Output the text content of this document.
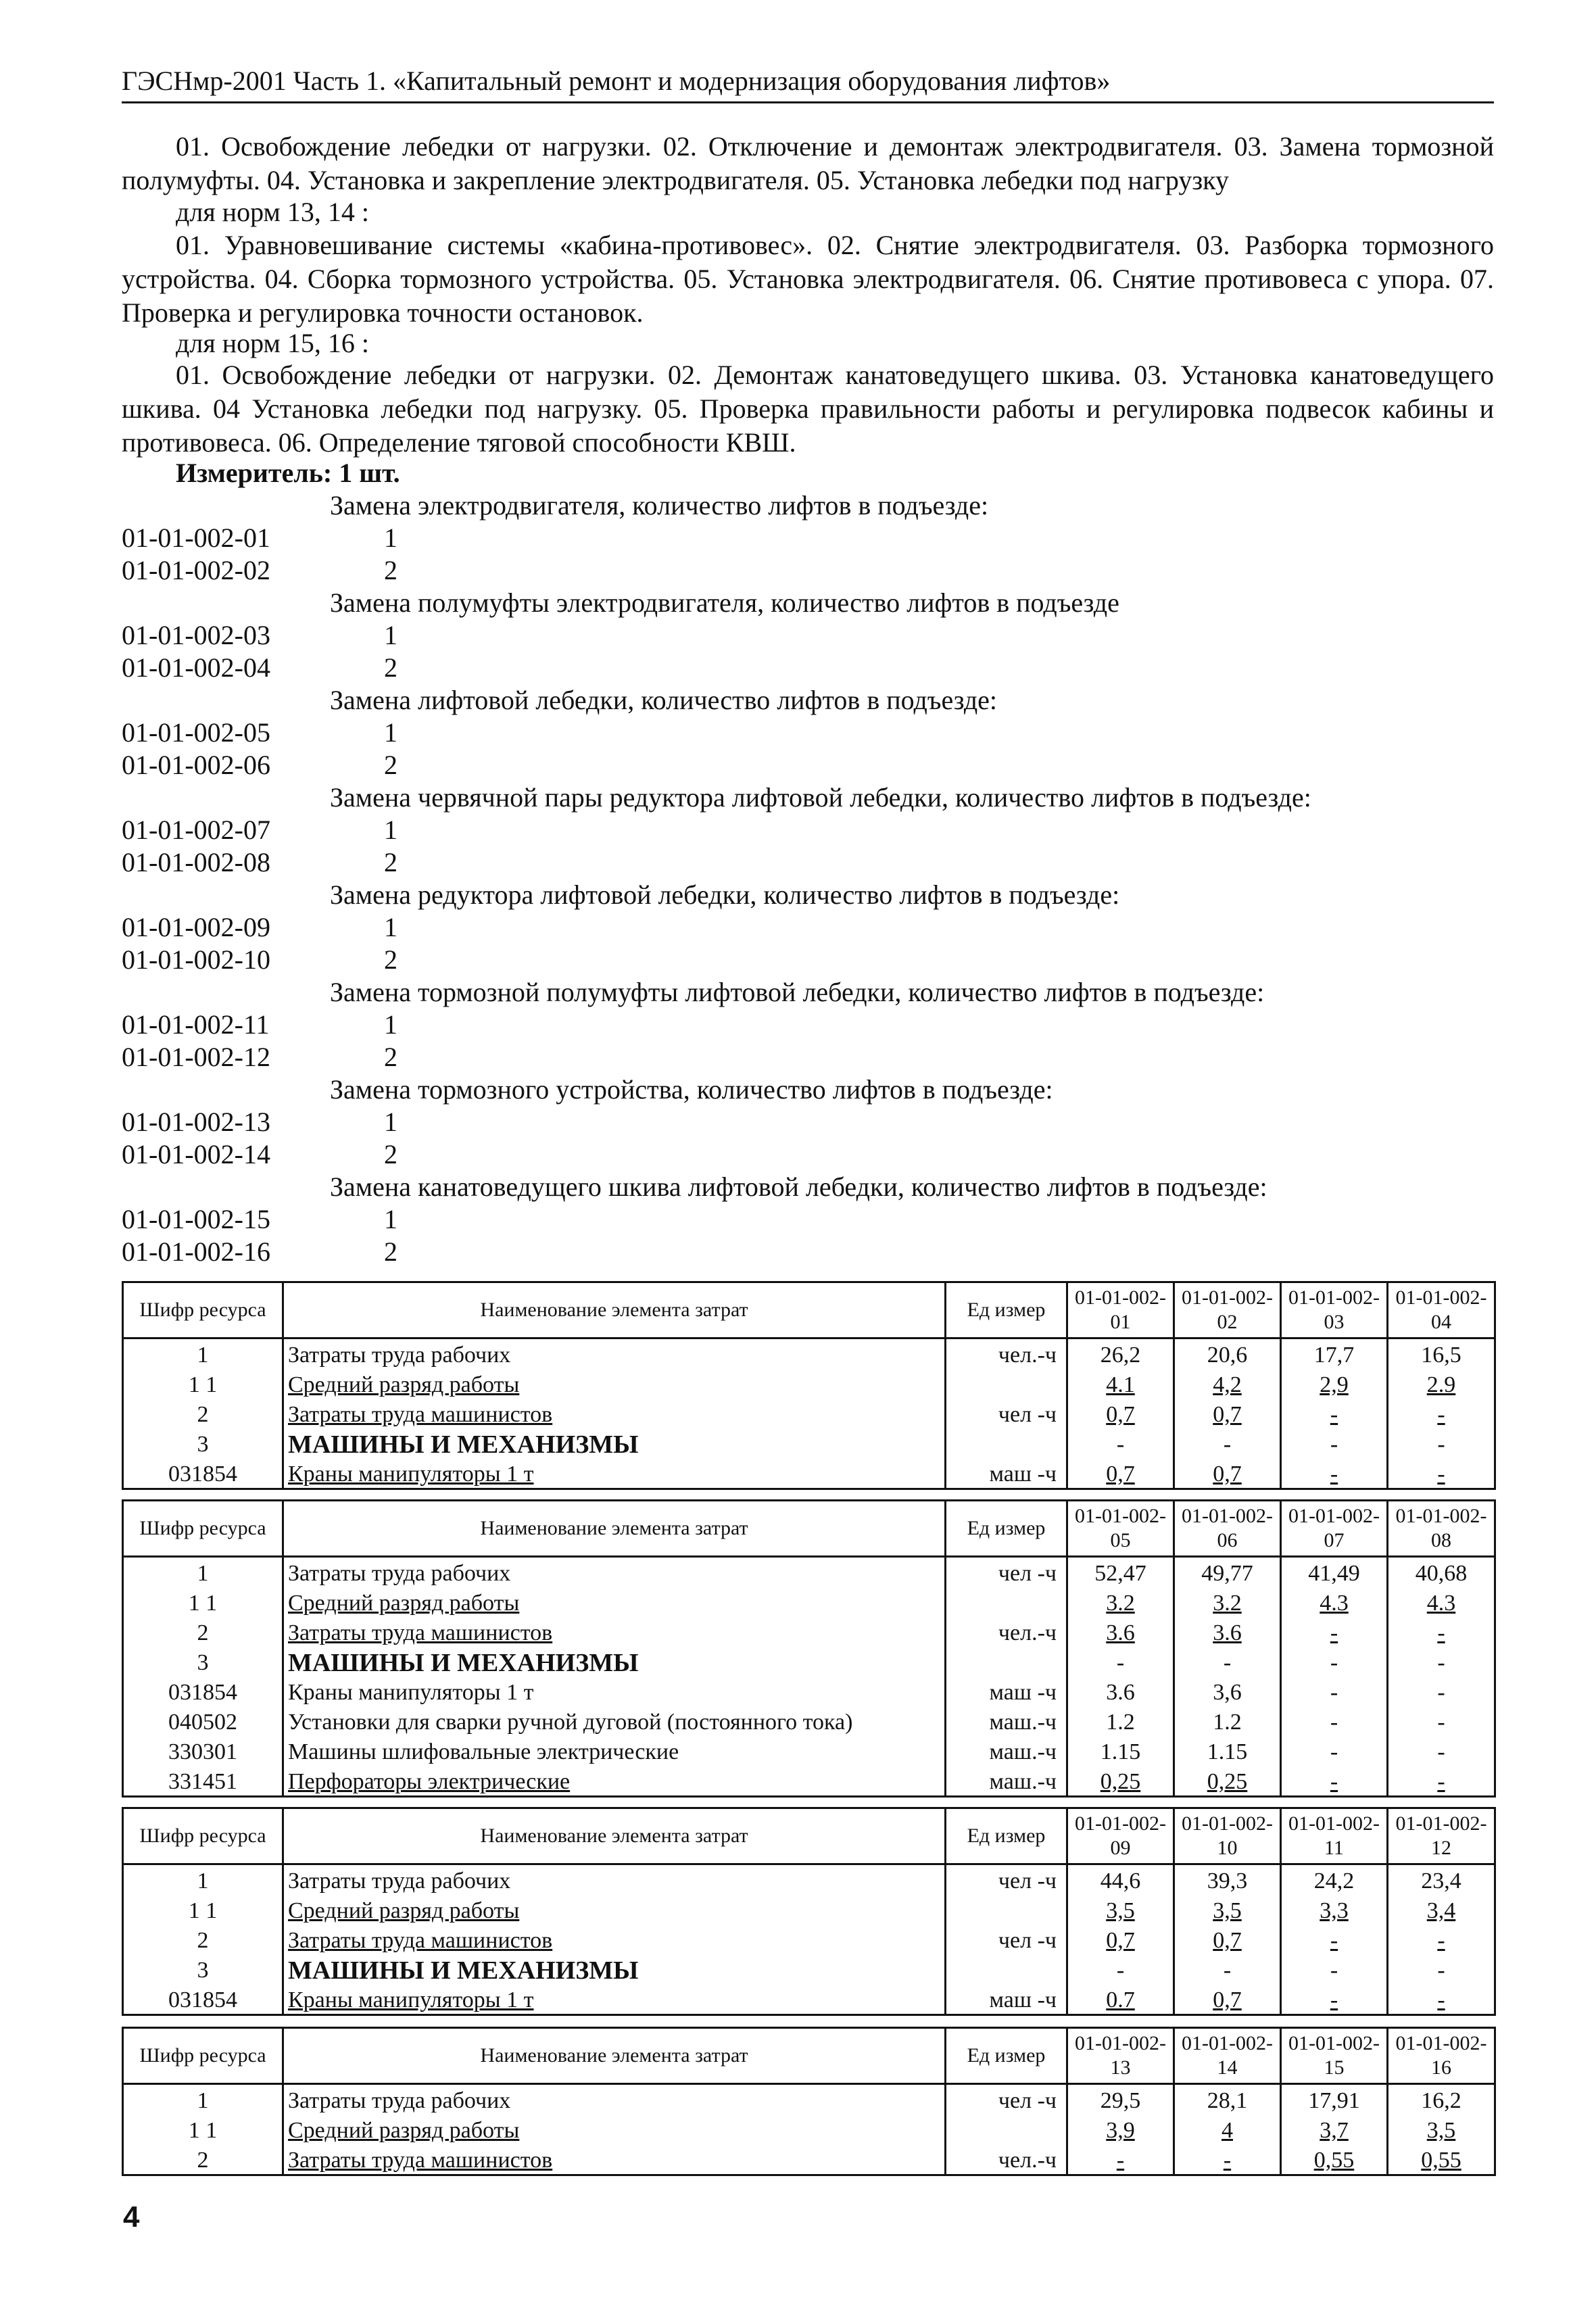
ГЭСНмр-2001 Часть 1. «Капитальный ремонт и модернизация оборудования лифтов»
01. Освобождение лебедки от нагрузки. 02. Отключение и демонтаж электродвигателя. 03. Замена тормозной полумуфты. 04. Установка и закрепление электродвигателя. 05. Установка лебедки под нагрузку
для норм 13, 14 :
01. Уравновешивание системы «кабина-противовес». 02. Снятие электродвигателя. 03. Разборка тормозного устройства. 04. Сборка тормозного устройства. 05. Установка электродвигателя. 06. Снятие противовеса с упора. 07. Проверка и регулировка точности остановок.
для норм 15, 16 :
01. Освобождение лебедки от нагрузки. 02. Демонтаж канатоведущего шкива. 03. Установка канатоведущего шкива. 04 Установка лебедки под нагрузку. 05. Проверка правильности работы и регулировка подвесок кабины и противовеса. 06. Определение тяговой способности КВШ.
Измеритель: 1 шт.
Замена электродвигателя, количество лифтов в подъезде:
01-01-002-01	1
01-01-002-02	2
Замена полумуфты электродвигателя, количество лифтов в подъезде
01-01-002-03	1
01-01-002-04	2
Замена лифтовой лебедки, количество лифтов в подъезде:
01-01-002-05	1
01-01-002-06	2
Замена червячной пары редуктора лифтовой лебедки, количество лифтов в подъезде:
01-01-002-07	1
01-01-002-08	2
Замена редуктора лифтовой лебедки, количество лифтов в подъезде:
01-01-002-09	1
01-01-002-10	2
Замена тормозной полумуфты лифтовой лебедки, количество лифтов в подъезде:
01-01-002-11	1
01-01-002-12	2
Замена тормозного устройства, количество лифтов в подъезде:
01-01-002-13	1
01-01-002-14	2
Замена канатоведущего шкива лифтовой лебедки, количество лифтов в подъезде:
01-01-002-15	1
01-01-002-16	2
Шифр ресурса	Наименование элемента затрат	Ед измер	01-01-002-01	01-01-002-02	01-01-002-03	01-01-002-04
1	Затраты труда рабочих	чел.-ч	26,2	20,6	17,7	16,5
1 1	Средний разряд работы		4.1	4,2	2,9	2.9
2	Затраты труда машинистов	чел -ч	0,7	0,7	-	-
3	МАШИНЫ И МЕХАНИЗМЫ		-	-	-	-
031854	Краны манипуляторы 1 т	маш -ч	0,7	0,7	-	-
Шифр ресурса	Наименование элемента затрат	Ед измер	01-01-002-05	01-01-002-06	01-01-002-07	01-01-002-08
1	Затраты труда рабочих	чел -ч	52,47	49,77	41,49	40,68
1 1	Средний разряд работы		3.2	3.2	4.3	4.3
2	Затраты труда машинистов	чел.-ч	3.6	3.6	-	-
3	МАШИНЫ И МЕХАНИЗМЫ		-	-	-	-
031854	Краны манипуляторы 1 т	маш -ч	3.6	3,6	-	-
040502	Установки для сварки ручной дуговой (постоянного тока)	маш.-ч	1.2	1.2	-	-
330301	Машины шлифовальные электрические	маш.-ч	1.15	1.15	-	-
331451	Перфораторы электрические	маш.-ч	0,25	0,25	-	-
Шифр ресурса	Наименование элемента затрат	Ед измер	01-01-002-09	01-01-002-10	01-01-002-11	01-01-002-12
1	Затраты труда рабочих	чел -ч	44,6	39,3	24,2	23,4
1 1	Средний разряд работы		3,5	3,5	3,3	3,4
2	Затраты труда машинистов	чел -ч	0,7	0,7	-	-
3	МАШИНЫ И МЕХАНИЗМЫ		-	-	-	-
031854	Краны манипуляторы 1 т	маш -ч	0.7	0,7	-	-
Шифр ресурса	Наименование элемента затрат	Ед измер	01-01-002-13	01-01-002-14	01-01-002-15	01-01-002-16
1	Затраты труда рабочих	чел -ч	29,5	28,1	17,91	16,2
1 1	Средний разряд работы		3,9	4	3,7	3,5
2	Затраты труда машинистов	чел.-ч	-	-	0,55	0,55
4
